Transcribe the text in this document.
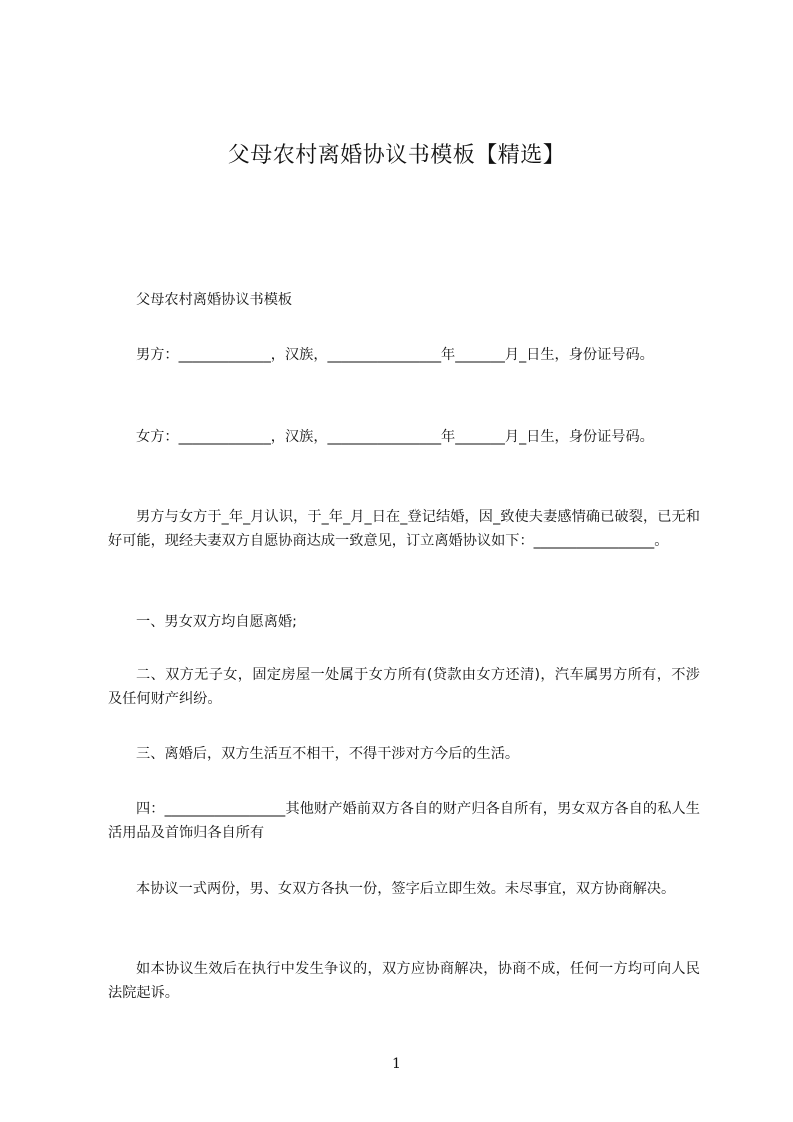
父母农村离婚协议书模板【精选】

父母农村离婚协议书模板

男方：_____________，汉族，________________年_______月_日生，身份证号码。

女方：_____________，汉族，________________年_______月_日生，身份证号码。

男方与女方于_年_月认识，于_年_月_日在_登记结婚，因_致使夫妻感情确已破裂，已无和好可能，现经夫妻双方自愿协商达成一致意见，订立离婚协议如下：_________________。

一、男女双方均自愿离婚;

二、双方无子女，固定房屋一处属于女方所有(贷款由女方还清)，汽车属男方所有，不涉及任何财产纠纷。

三、离婚后，双方生活互不相干，不得干涉对方今后的生活。

四：_________________其他财产婚前双方各自的财产归各自所有，男女双方各自的私人生活用品及首饰归各自所有

本协议一式两份，男、女双方各执一份，签字后立即生效。未尽事宜，双方协商解决。

如本协议生效后在执行中发生争议的，双方应协商解决，协商不成，任何一方均可向人民法院起诉。

1
